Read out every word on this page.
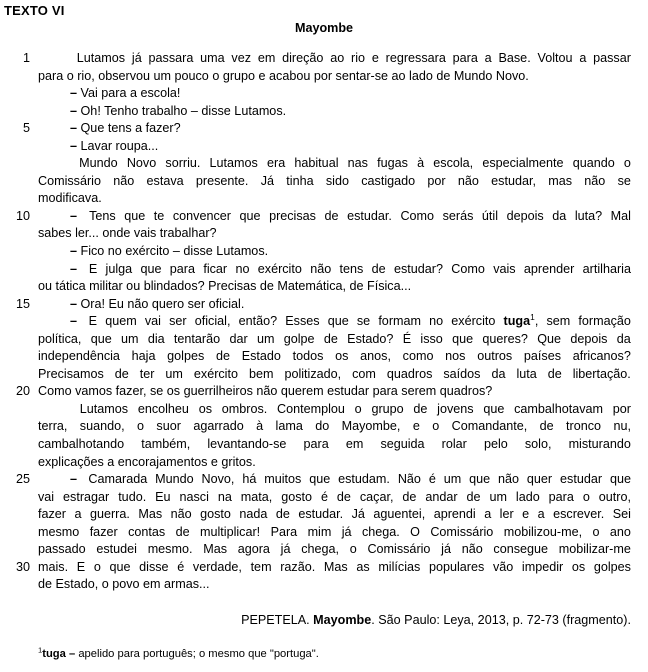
TEXTO VI
Mayombe
1	Lutamos já passara uma vez em direção ao rio e regressara para a Base. Voltou a passar
para o rio, observou um pouco o grupo e acabou por sentar-se ao lado de Mundo Novo.
– Vai para a escola!
– Oh! Tenho trabalho – disse Lutamos.
5	– Que tens a fazer?
– Lavar roupa...
Mundo Novo sorriu. Lutamos era habitual nas fugas à escola, especialmente quando o
Comissário não estava presente. Já tinha sido castigado por não estudar, mas não se
modificava.
10	– Tens que te convencer que precisas de estudar. Como serás útil depois da luta? Mal
sabes ler... onde vais trabalhar?
– Fico no exército – disse Lutamos.
– E julga que para ficar no exército não tens de estudar? Como vais aprender artilharia
ou tática militar ou blindados? Precisas de Matemática, de Física...
15	– Ora! Eu não quero ser oficial.
– E quem vai ser oficial, então? Esses que se formam no exército tuga$^1$, sem formação
política, que um dia tentarão dar um golpe de Estado? É isso que queres? Que depois da
independência haja golpes de Estado todos os anos, como nos outros países africanos?
Precisamos de ter um exército bem politizado, com quadros saídos da luta de libertação.
20 Como vamos fazer, se os guerrilheiros não querem estudar para serem quadros?
Lutamos encolheu os ombros. Contemplou o grupo de jovens que cambalhotavam por
terra, suando, o suor agarrado à lama do Mayombe, e o Comandante, de tronco nu,
cambalhotando também, levantando-se para em seguida rolar pelo solo, misturando
explicações a encorajamentos e gritos.
25	– Camarada Mundo Novo, há muitos que estudam. Não é um que não quer estudar que
vai estragar tudo. Eu nasci na mata, gosto é de caçar, de andar de um lado para o outro,
fazer a guerra. Mas não gosto nada de estudar. Já aguentei, aprendi a ler e a escrever. Sei
mesmo fazer contas de multiplicar! Para mim já chega. O Comissário mobilizou-me, o ano
passado estudei mesmo. Mas agora já chega, o Comissário já não consegue mobilizar-me
30 mais. E o que disse é verdade, tem razão. Mas as milícias populares vão impedir os golpes
de Estado, o povo em armas...
PEPETELA. Mayombe. São Paulo: Leya, 2013, p. 72-73 (fragmento).
$^1$tuga – apelido para português; o mesmo que "portuga".
